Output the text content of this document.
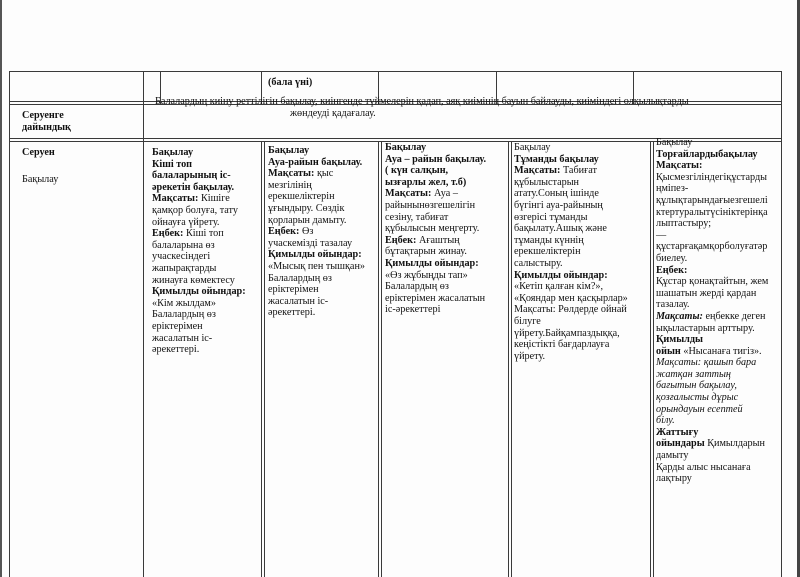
(бала үні)
Серуенге
дайындық
Балалардың киіну реттілігін бақылау, киінгенде түймелерін қадап, аяқ киімінің бауын байлауды, киіміндегі олқылықтарды
жөндеуді қадағалау.
Серуен
Бақылау
Бақылау
Кіші топ
балаларының іс-
әрекетін бақылау.
Мақсаты: Кішіге
қамқор болуға, тату
ойнауға үйрету.
Еңбек: Кіші топ
балаларына өз
учаскесіндегі
жапырақтарды
жинауға көмектесу
Қимылды ойындар:
«Кім жылдам»
Балалардың өз
еріктерімен
жасалатын іс-
әрекеттері.
Бақылау
Ауа-райын бақылау.
Мақсаты: қыс
мезгілінің
ерекшеліктерін
ұғындыру. Сөздік
қорларын дамыту.
Еңбек: Өз
учаскемізді тазалау
Қимылды ойындар:
«Мысық пен тышқан»
Балалардың өз
еріктерімен
жасалатын іс-
әрекеттері.
Бақылау
Ауа – райын бақылау.
( күн салқын,
ызғарлы жел, т.б)
Мақсаты: Ауа –
райынынөзгешелігін
сезіну, табиғат
құбылысын меңгерту.
Еңбек: Ағаштың
бұтақтарын жинау.
Қимылды ойындар:
«Өз жұбыңды тап»
Балалардың өз
еріктерімен жасалатын
іс-әрекеттері
Бақылау
Тұманды бақылау
Мақсаты: Табиғат
құбылыстарын
атату.Соның ішінде
бүгінгі ауа-райының
өзгерісі тұманды
бақылату.Ашық және
тұманды күннің
ерекшеліктерін
салыстыру.
Қимылды ойындар:
«Кетіп қалған кім?»,
«Қояндар мен қасқырлар»
Мақсаты: Рөлдерде ойнай
білуге
үйрету.Байқампаздыққа,
кеңістікті бағдарлауға
үйрету.
Бақылау
Торғайлардыбақылау
Мақсаты:
Қысмезгіліндегіқұстарды
ңміпез-
құлықтарындағыезгешелі
ктертуралытүсініктерінқа
лыптастыру;
—
құстарғақамқорболуғатәр
биелеу.
Еңбек:
Құстар қонақтайтын, жем
шашатын жерді қардан
тазалау.
Мақсаты: еңбекке деген
ықыластарын арттыру.
Қимылды
ойын «Нысанаға тигіз».
Мақсаты: қашып бара
жатқан заттың
бағытын бақылау,
қозғалысты дұрыс
орындауын есептей
білу.
Жаттығу
ойындары Қимылдарын
дамыту
Қарды алыс нысанаға
лақтыру
